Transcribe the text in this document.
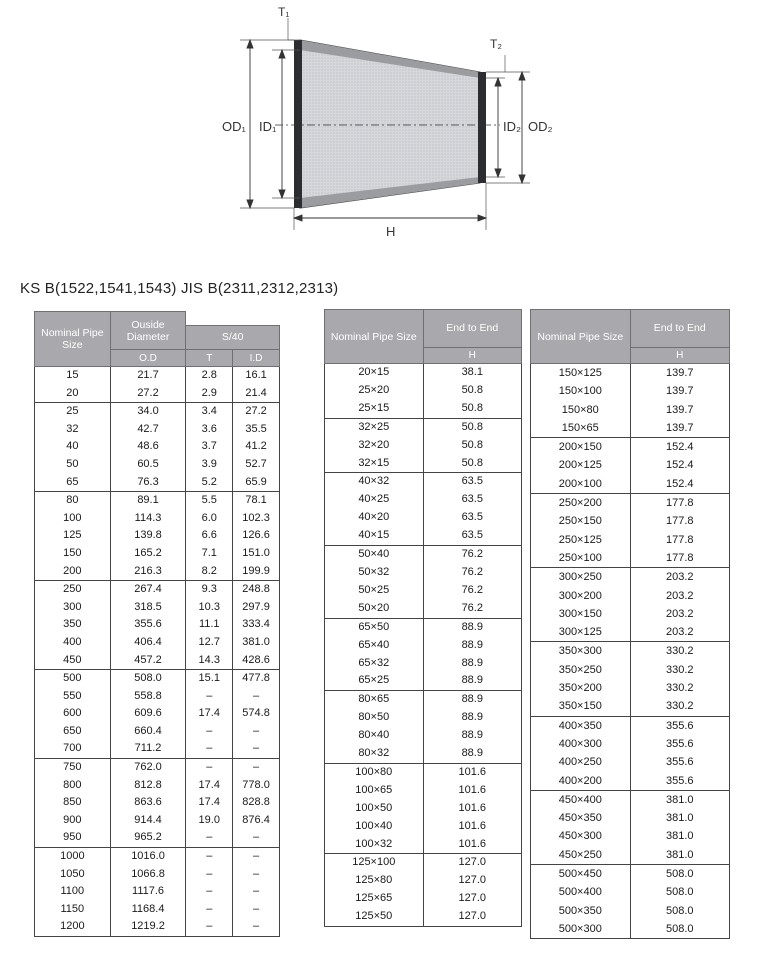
T₁
T₂
OD₁ ID₁	ID₂ OD₂
H
KS B(1522,1541,1543) JIS B(2311,2312,2313)
Nominal Pipe Size	Ouside Diameter		
		S/40	
	O.D	T	I.D
15	21.7	2.8	16.1
20	27.2	2.9	21.4
25	34.0	3.4	27.2
32	42.7	3.6	35.5
40	48.6	3.7	41.2
50	60.5	3.9	52.7
65	76.3	5.2	65.9
80	89.1	5.5	78.1
100	114.3	6.0	102.3
125	139.8	6.6	126.6
150	165.2	7.1	151.0
200	216.3	8.2	199.9
250	267.4	9.3	248.8
300	318.5	10.3	297.9
350	355.6	11.1	333.4
400	406.4	12.7	381.0
450	457.2	14.3	428.6
500	508.0	15.1	477.8
550	558.8	–	–
600	609.6	17.4	574.8
650	660.4	–	–
700	711.2	–	–
750	762.0	–	–
800	812.8	17.4	778.0
850	863.6	17.4	828.8
900	914.4	19.0	876.4
950	965.2	–	–
1000	1016.0	–	–
1050	1066.8	–	–
1100	1117.6	–	–
1150	1168.4	–	–
1200	1219.2	–	–
Nominal Pipe Size	End to End
	H
20×15	38.1
25×20	50.8
25×15	50.8
32×25	50.8
32×20	50.8
32×15	50.8
40×32	63.5
40×25	63.5
40×20	63.5
40×15	63.5
50×40	76.2
50×32	76.2
50×25	76.2
50×20	76.2
65×50	88.9
65×40	88.9
65×32	88.9
65×25	88.9
80×65	88.9
80×50	88.9
80×40	88.9
80×32	88.9
100×80	101.6
100×65	101.6
100×50	101.6
100×40	101.6
100×32	101.6
125×100	127.0
125×80	127.0
125×65	127.0
125×50	127.0
Nominal Pipe Size	End to End
	H
150×125	139.7
150×100	139.7
150×80	139.7
150×65	139.7
200×150	152.4
200×125	152.4
200×100	152.4
250×200	177.8
250×150	177.8
250×125	177.8
250×100	177.8
300×250	203.2
300×200	203.2
300×150	203.2
300×125	203.2
350×300	330.2
350×250	330.2
350×200	330.2
350×150	330.2
400×350	355.6
400×300	355.6
400×250	355.6
400×200	355.6
450×400	381.0
450×350	381.0
450×300	381.0
450×250	381.0
500×450	508.0
500×400	508.0
500×350	508.0
500×300	508.0
